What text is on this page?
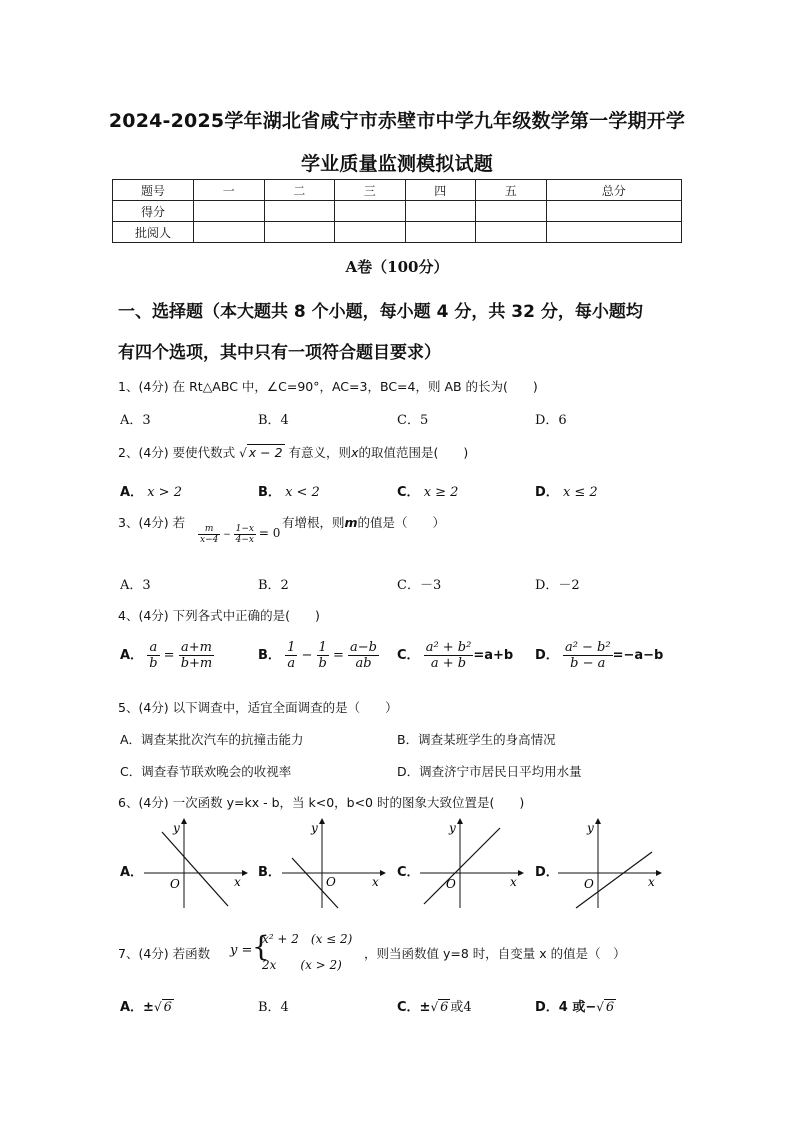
2024-2025学年湖北省咸宁市赤壁市中学九年级数学第一学期开学
学业质量监测模拟试题
题号	一	二	三	四	五	总分
得分						
批阅人						
A卷（100分）
一、选择题（本大题共 8 个小题，每小题 4 分，共 32 分，每小题均
有四个选项，其中只有一项符合题目要求）
1、(4分) 在 Rt△ABC 中，∠C=90°，AC=3，BC=4，则 AB 的长为(　　)
A．3	B．4	C．5	D．6
2、(4分) 要使代数式 √ x − 2 有意义，则x的取值范围是(　　)
A． x > 2	B． x < 2	C． x ≥ 2	D． x ≤ 2
3、(4分) 若
$\frac{m}{x-4} - \frac{1-x}{4-x} = 0$
有增根，则m的值是（　　）
A．3	B．2	C．－3	D．－2
4、(4分) 下列各式中正确的是(　　)
A． $\frac{a}{b} = \frac{a+m}{b+m}$	B． $\frac{1}{a} - \frac{1}{b} = \frac{a-b}{ab}$ C． $\frac{\text{a² + b²}}{a + b} =a+b$ D． $\frac{\text{a² − b²}}{b - a} =-a-b$
5、(4分) 以下调查中，适宜全面调查的是（　　）
A．调查某批次汽车的抗撞击能力	B．调查某班学生的身高情况
C．调查春节联欢晚会的收视率	D．调查济宁市居民日平均用水量
6、(4分) 一次函数 y=kx - b，当 k<0，b<0 时的图象大致位置是(　　)
A．	B．	C．	D．
y
x
O
y
x
O
y
x
O
y
x
O
7、(4分) 若函数 y = {
x² + 2　(x ≤ 2)
2x　　(x > 2)
，则当函数值 y=8 时，自变量 x 的值是（　）
A．±√ 6	B．4	C．±√ 6 或4	D．4 或−√ 6
